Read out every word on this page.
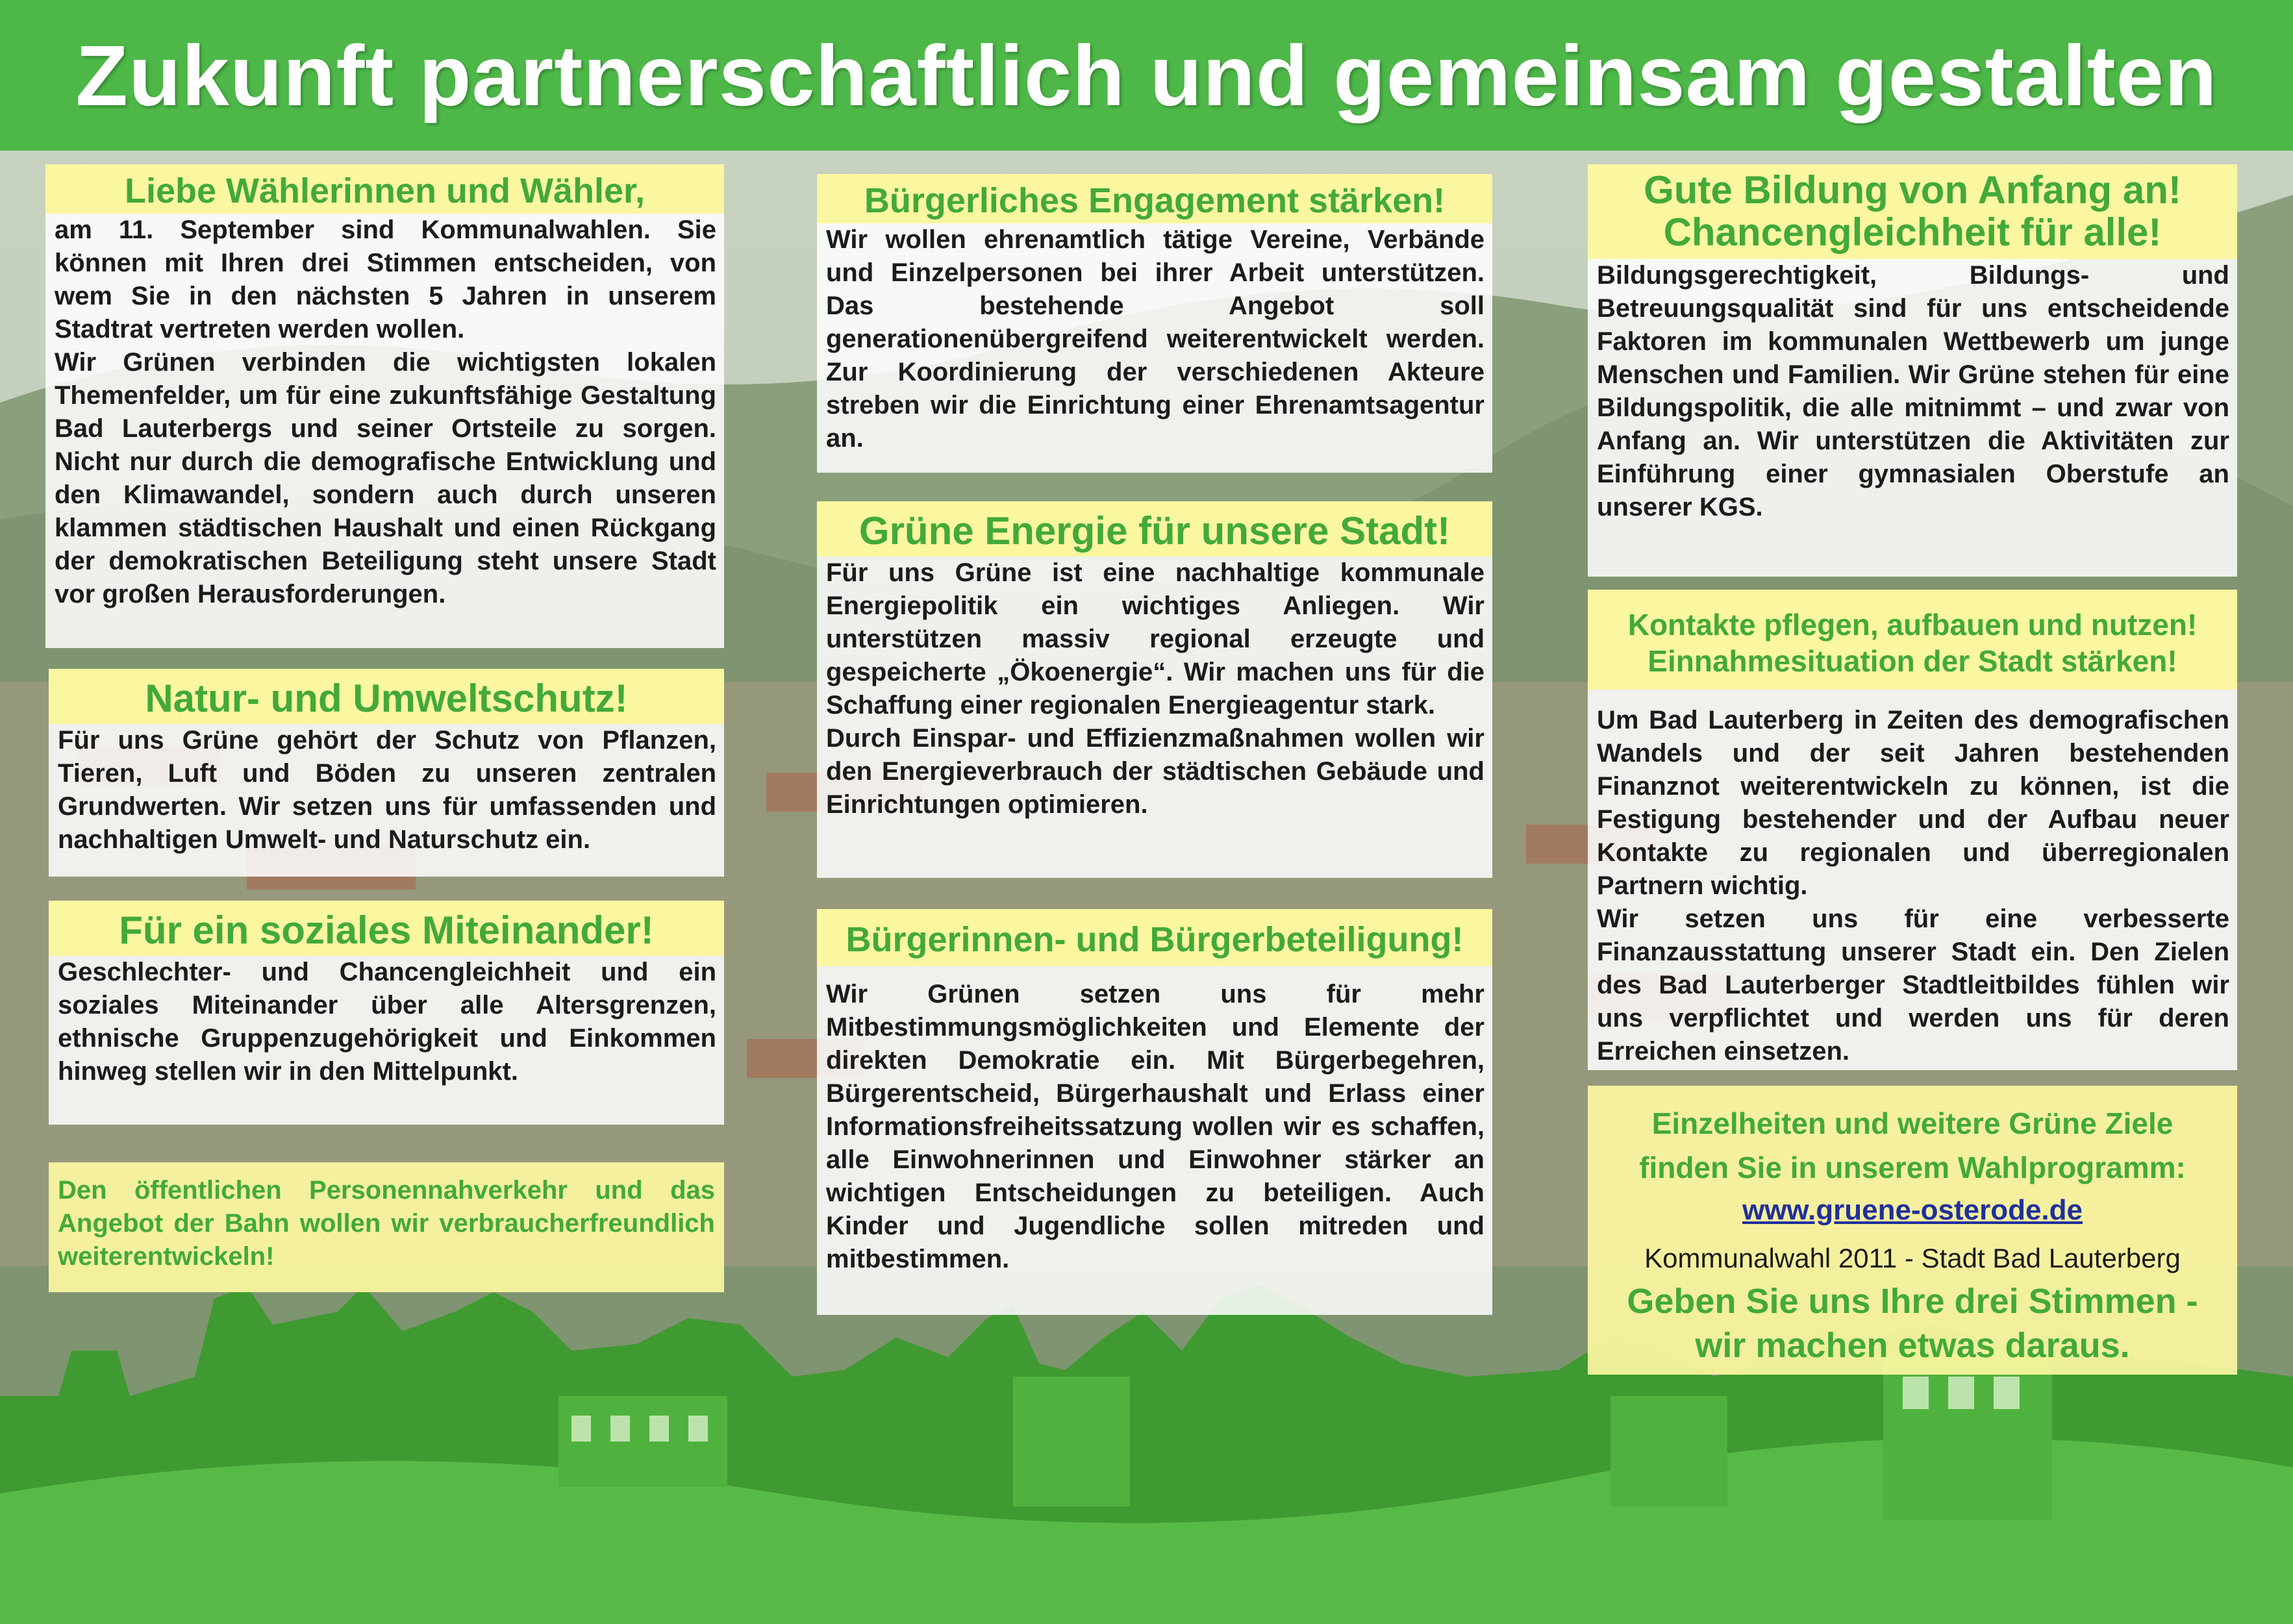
Zukunft partnerschaftlich und gemeinsam gestalten
Liebe Wählerinnen und Wähler,

am 11. September sind Kommunalwahlen. Sie können mit Ihren drei Stimmen entscheiden, von wem Sie in den nächsten 5 Jahren in unserem Stadtrat vertreten werden wollen.

Wir Grünen verbinden die wichtigsten lokalen Themenfelder, um für eine zukunftsfähige Gestaltung Bad Lauterbergs und seiner Ortsteile zu sorgen. Nicht nur durch die demografische Entwicklung und den Klimawandel, sondern auch durch unseren klammen städtischen Haushalt und einen Rückgang der demokratischen Beteiligung steht unsere Stadt vor großen Herausforderungen.

Natur- und Umweltschutz!

Für uns Grüne gehört der Schutz von Pflanzen, Tieren, Luft und Böden zu unseren zentralen Grundwerten. Wir setzen uns für umfassenden und nachhaltigen Umwelt- und Naturschutz ein.

Für ein soziales Miteinander!

Geschlechter- und Chancengleichheit und ein soziales Miteinander über alle Altersgrenzen, ethnische Gruppenzugehörigkeit und Einkommen hinweg stellen wir in den Mittelpunkt.

Den öffentlichen Personennahverkehr und das Angebot der Bahn wollen wir verbraucherfreundlich weiterentwickeln!

Bürgerliches Engagement stärken!

Wir wollen ehrenamtlich tätige Vereine, Verbände und Einzelpersonen bei ihrer Arbeit unterstützen. Das bestehende Angebot soll generationenübergreifend weiterentwickelt werden. Zur Koordinierung der verschiedenen Akteure streben wir die Einrichtung einer Ehrenamtsagentur an.

Grüne Energie für unsere Stadt!

Für uns Grüne ist eine nachhaltige kommunale Energiepolitik ein wichtiges Anliegen. Wir unterstützen massiv regional erzeugte und gespeicherte „Ökoenergie“. Wir machen uns für die Schaffung einer regionalen Energieagentur stark.

Durch Einspar- und Effizienzmaßnahmen wollen wir den Energieverbrauch der städtischen Gebäude und Einrichtungen optimieren.

Bürgerinnen- und Bürgerbeteiligung!

Wir Grünen setzen uns für mehr Mitbestimmungsmöglichkeiten und Elemente der direkten Demokratie ein. Mit Bürgerbegehren, Bürgerentscheid, Bürgerhaushalt und Erlass einer Informationsfreiheitssatzung wollen wir es schaffen, alle Einwohnerinnen und Einwohner stärker an wichtigen Entscheidungen zu beteiligen. Auch Kinder und Jugendliche sollen mitreden und mitbestimmen.

Gute Bildung von Anfang an!
Chancengleichheit für alle!

Bildungsgerechtigkeit, Bildungs- und Betreuungsqualität sind für uns entscheidende Faktoren im kommunalen Wettbewerb um junge Menschen und Familien. Wir Grüne stehen für eine Bildungspolitik, die alle mitnimmt – und zwar von Anfang an. Wir unterstützen die Aktivitäten zur Einführung einer gymnasialen Oberstufe an unserer KGS.

Kontakte pflegen, aufbauen und nutzen!
Einnahmesituation der Stadt stärken!

Um Bad Lauterberg in Zeiten des demografischen Wandels und der seit Jahren bestehenden Finanznot weiterentwickeln zu können, ist die Festigung bestehender und der Aufbau neuer Kontakte zu regionalen und überregionalen Partnern wichtig.

Wir setzen uns für eine verbesserte Finanzausstattung unserer Stadt ein. Den Zielen des Bad Lauterberger Stadtleitbildes fühlen wir uns verpflichtet und werden uns für deren Erreichen einsetzen.

Einzelheiten und weitere Grüne Ziele
finden Sie in unserem Wahlprogramm:
www.gruene-osterode.de
Kommunalwahl 2011 - Stadt Bad Lauterberg
Geben Sie uns Ihre drei Stimmen -
wir machen etwas daraus.
